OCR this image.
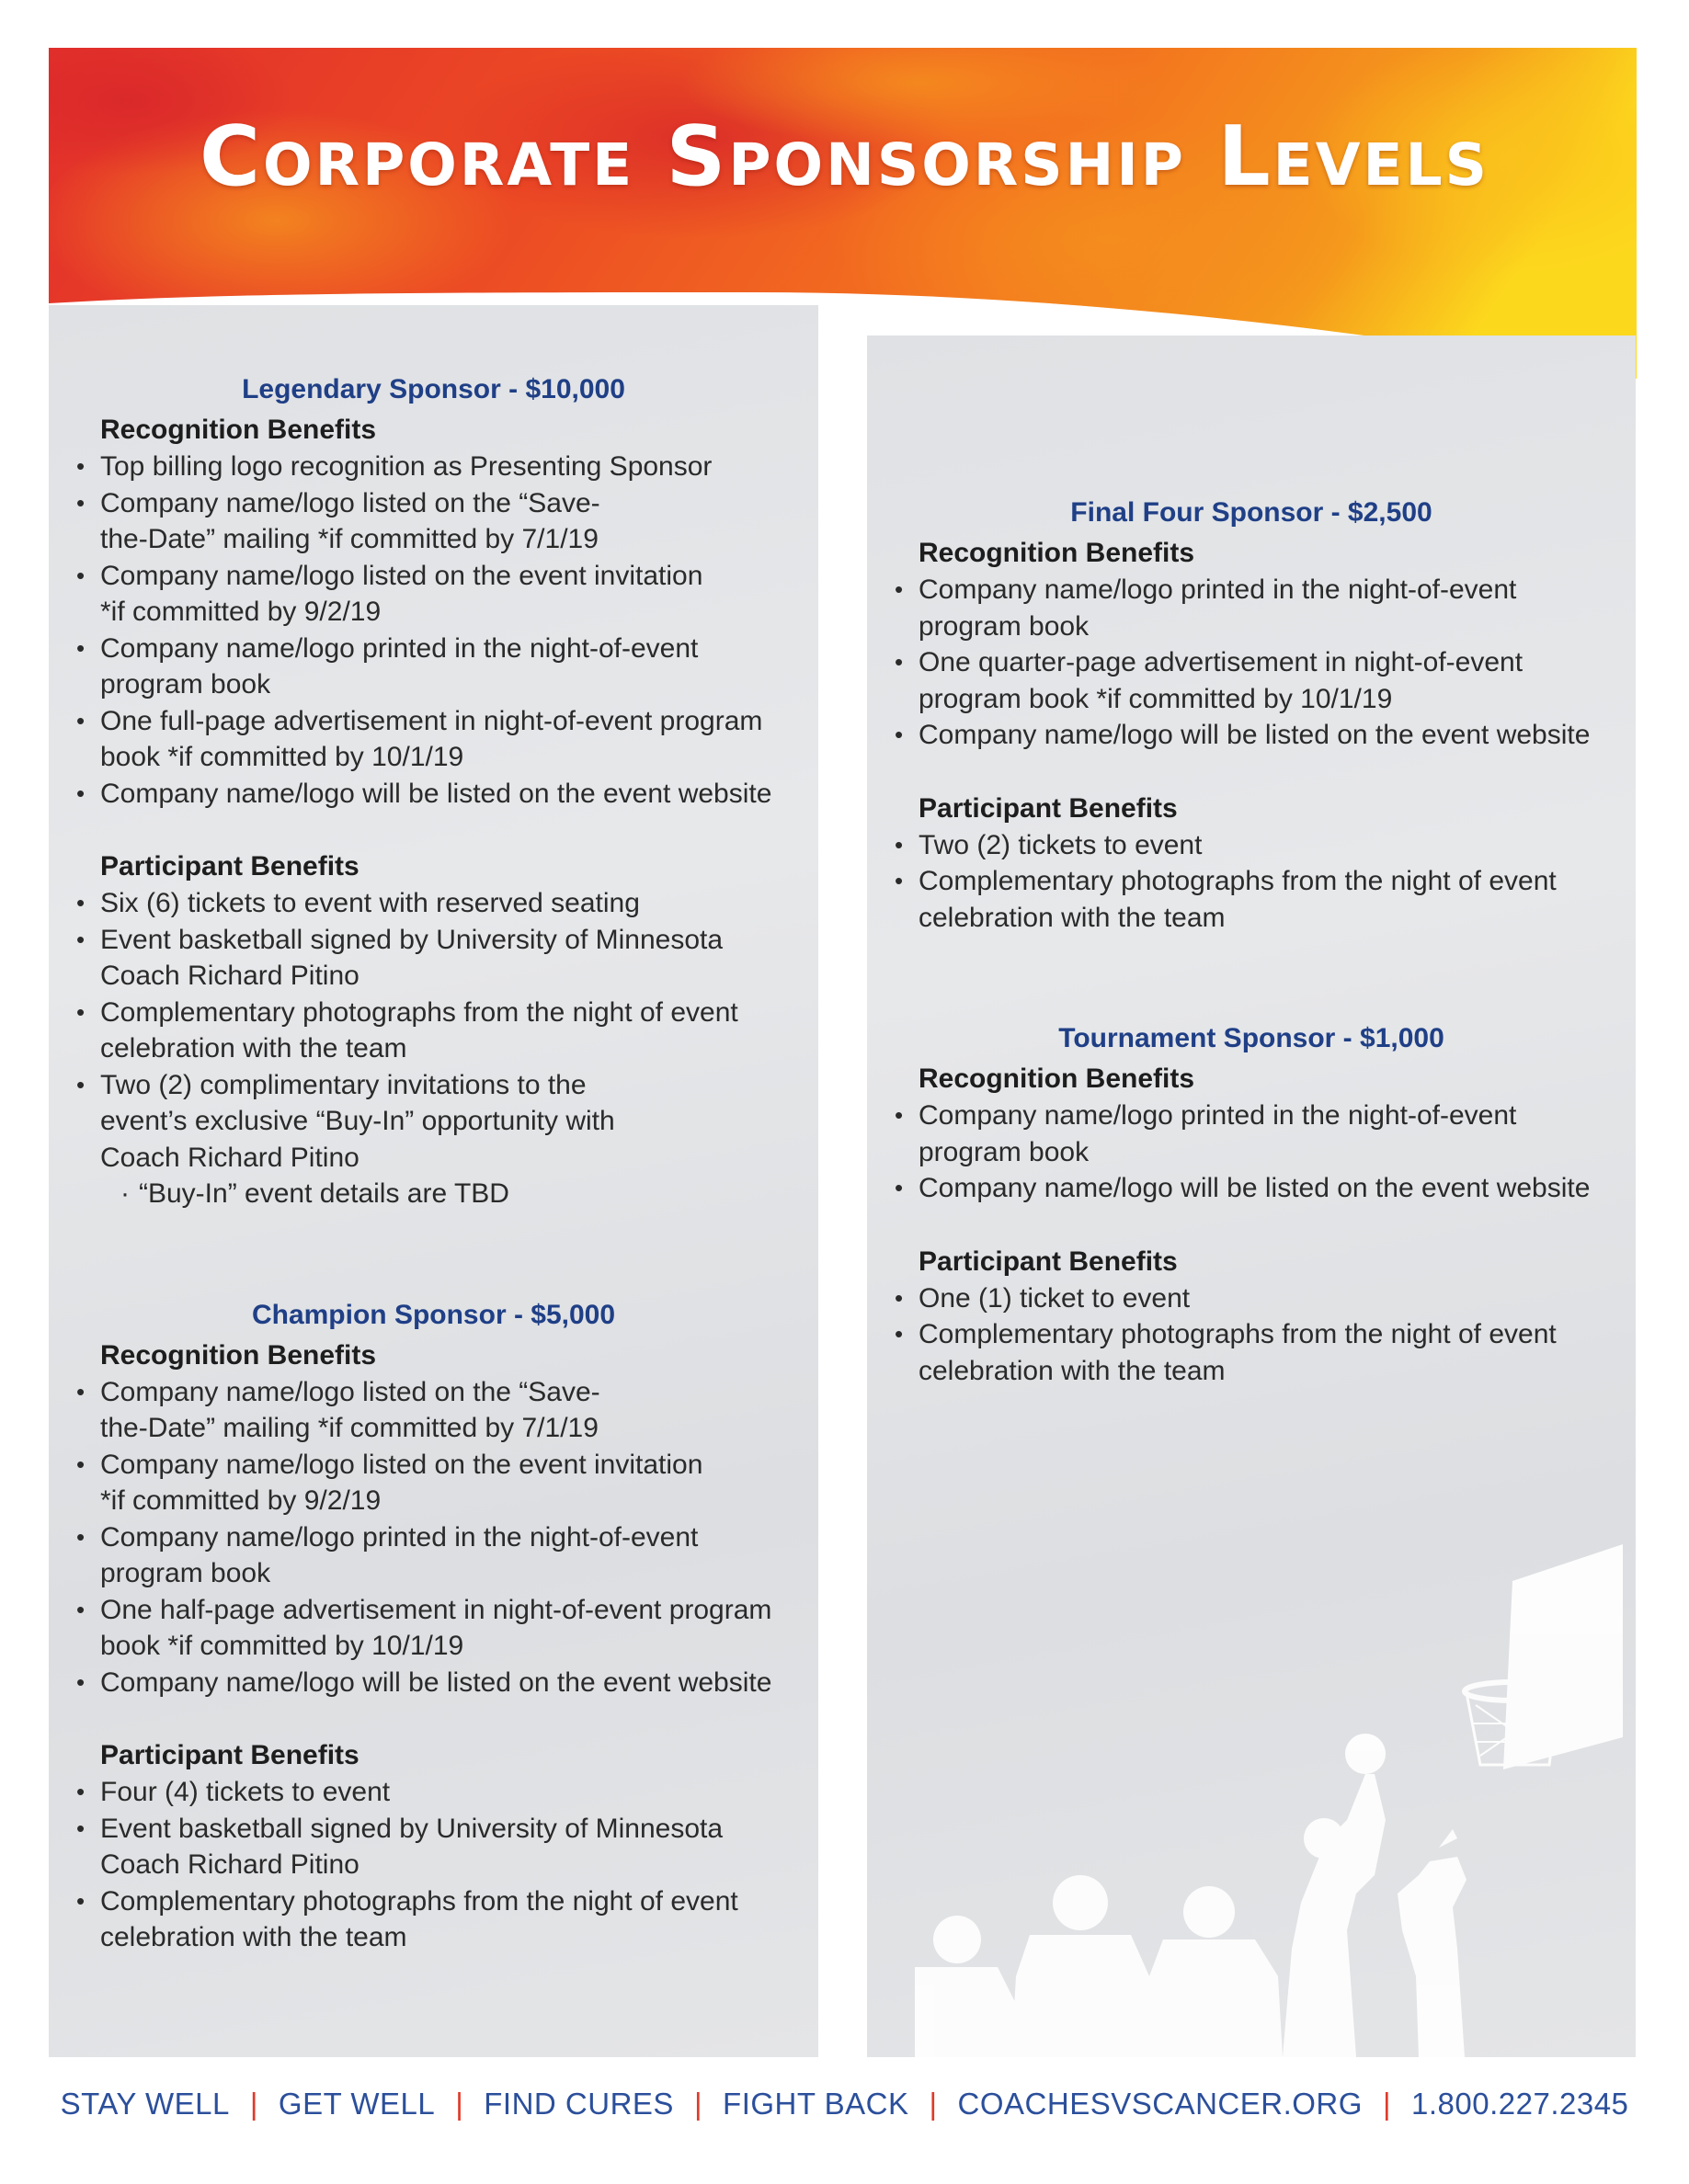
Corporate Sponsorship Levels
Legendary Sponsor - $10,000
Recognition Benefits
• Top billing logo recognition as Presenting Sponsor
• Company name/logo listed on the “Save-the-Date” mailing *if committed by 7/1/19
• Company name/logo listed on the event invitation *if committed by 9/2/19
• Company name/logo printed in the night-of-event program book
• One full-page advertisement in night-of-event program book *if committed by 10/1/19
• Company name/logo will be listed on the event website
Participant Benefits
• Six (6) tickets to event with reserved seating
• Event basketball signed by University of Minnesota Coach Richard Pitino
• Complementary photographs from the night of event celebration with the team
• Two (2) complimentary invitations to the event’s exclusive “Buy-In” opportunity with Coach Richard Pitino
· “Buy-In” event details are TBD
Champion Sponsor - $5,000
Recognition Benefits
• Company name/logo listed on the “Save-the-Date” mailing *if committed by 7/1/19
• Company name/logo listed on the event invitation *if committed by 9/2/19
• Company name/logo printed in the night-of-event program book
• One half-page advertisement in night-of-event program book *if committed by 10/1/19
• Company name/logo will be listed on the event website
Participant Benefits
• Four (4) tickets to event
• Event basketball signed by University of Minnesota Coach Richard Pitino
• Complementary photographs from the night of event celebration with the team
Final Four Sponsor - $2,500
Recognition Benefits
• Company name/logo printed in the night-of-event program book
• One quarter-page advertisement in night-of-event program book *if committed by 10/1/19
• Company name/logo will be listed on the event website
Participant Benefits
• Two (2) tickets to event
• Complementary photographs from the night of event celebration with the team
Tournament Sponsor - $1,000
Recognition Benefits
• Company name/logo printed in the night-of-event program book
• Company name/logo will be listed on the event website
Participant Benefits
• One (1) ticket to event
• Complementary photographs from the night of event celebration with the team
STAY WELL | GET WELL | FIND CURES | FIGHT BACK | COACHESVSCANCER.ORG | 1.800.227.2345
